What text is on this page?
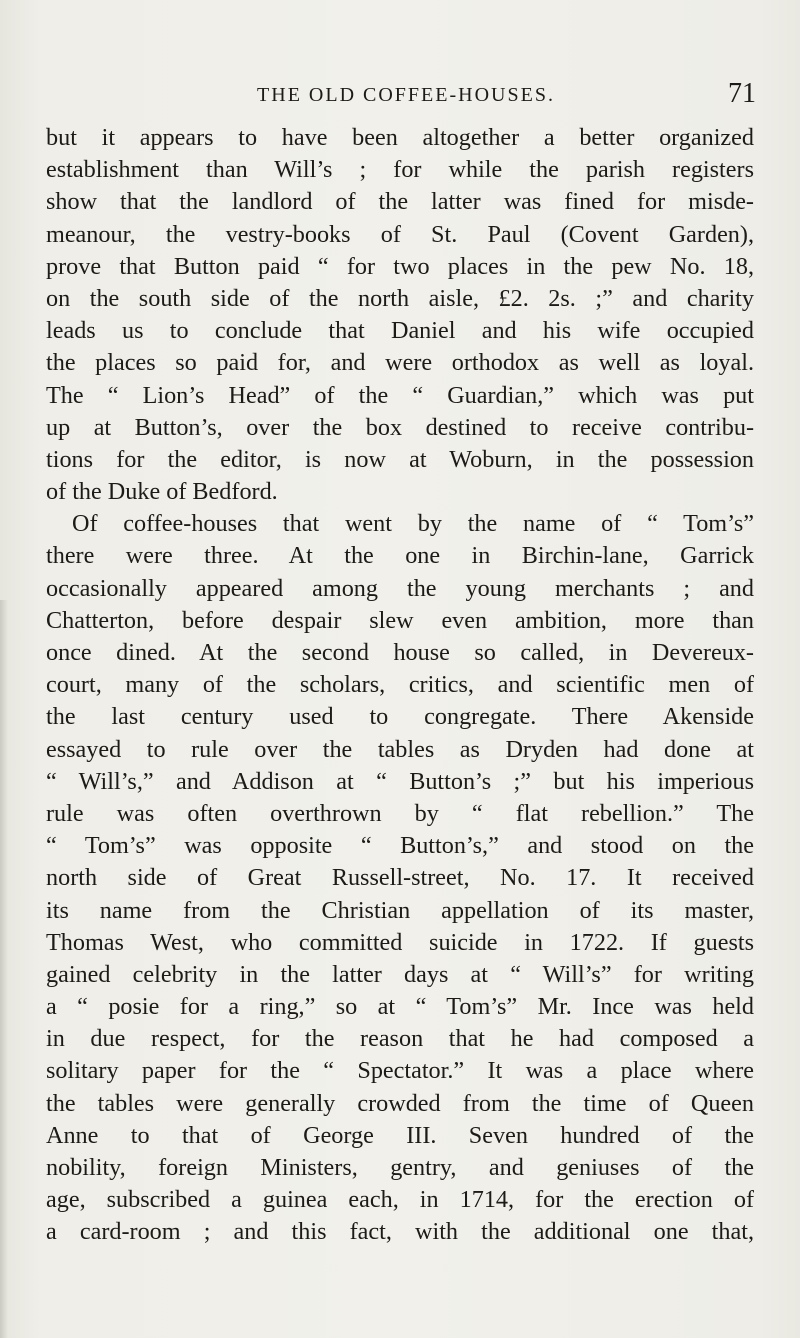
THE OLD COFFEE-HOUSES.	71
but it appears to have been altogether a better organized
establishment than Will’s ; for while the parish registers
show that the landlord of the latter was fined for misde-
meanour, the vestry-books of St. Paul (Covent Garden),
prove that Button paid “ for two places in the pew No. 18,
on the south side of the north aisle, £2. 2s. ;” and charity
leads us to conclude that Daniel and his wife occupied
the places so paid for, and were orthodox as well as loyal.
The “ Lion’s Head” of the “ Guardian,” which was put
up at Button’s, over the box destined to receive contribu-
tions for the editor, is now at Woburn, in the possession
of the Duke of Bedford.
Of coffee-houses that went by the name of “ Tom’s”
there were three. At the one in Birchin-lane, Garrick
occasionally appeared among the young merchants ; and
Chatterton, before despair slew even ambition, more than
once dined. At the second house so called, in Devereux-
court, many of the scholars, critics, and scientific men of
the last century used to congregate. There Akenside
essayed to rule over the tables as Dryden had done at
“ Will’s,” and Addison at “ Button’s ;” but his imperious
rule was often overthrown by “ flat rebellion.” The
“ Tom’s” was opposite “ Button’s,” and stood on the
north side of Great Russell-street, No. 17. It received
its name from the Christian appellation of its master,
Thomas West, who committed suicide in 1722. If guests
gained celebrity in the latter days at “ Will’s” for writing
a “ posie for a ring,” so at “ Tom’s” Mr. Ince was held
in due respect, for the reason that he had composed a
solitary paper for the “ Spectator.” It was a place where
the tables were generally crowded from the time of Queen
Anne to that of George III. Seven hundred of the
nobility, foreign Ministers, gentry, and geniuses of the
age, subscribed a guinea each, in 1714, for the erection of
a card-room ; and this fact, with the additional one that,
